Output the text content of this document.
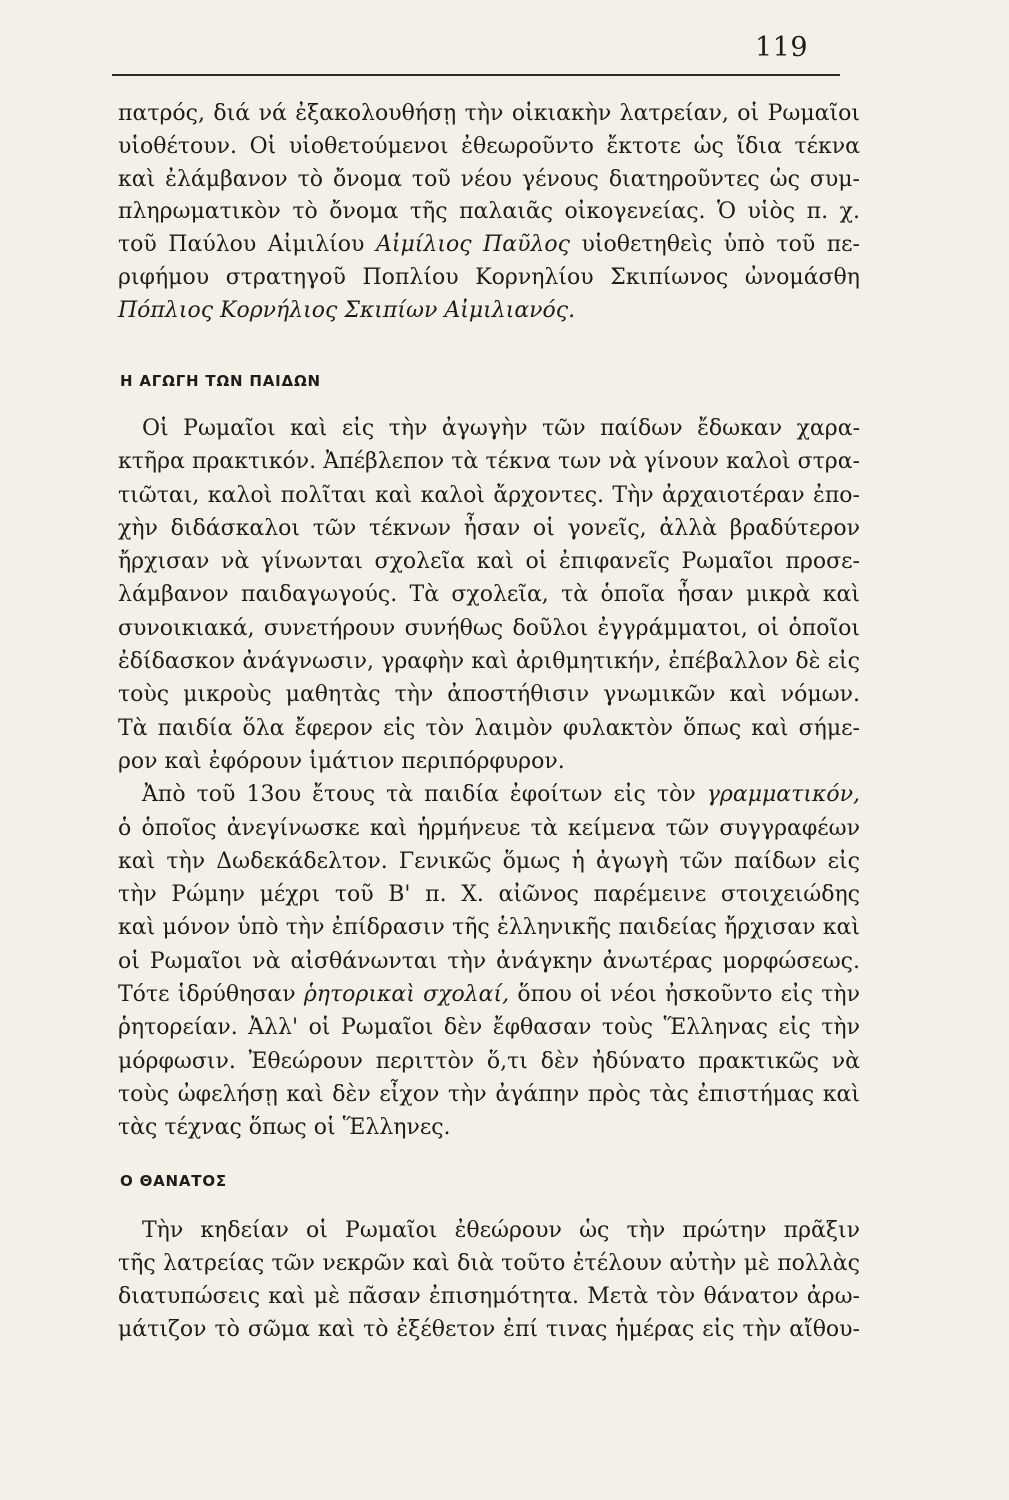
119
πατρός, διά νά ἐξακολουθήσῃ τὴν οἰκιακὴν λατρείαν, οἱ Ρωμαῖοι
υἱοθέτουν. Οἱ υἱοθετούμενοι ἐθεωροῦντο ἔκτοτε ὡς ἴδια τέκνα
καὶ ἐλάμβανον τὸ ὄνομα τοῦ νέου γένους διατηροῦντες ὡς συμ-
πληρωματικὸν τὸ ὄνομα τῆς παλαιᾶς οἰκογενείας. Ὁ υἱὸς π. χ.
τοῦ Παύλου Αἰμιλίου Αἰμίλιος Παῦλος υἱοθετηθεὶς ὑπὸ τοῦ πε-
ριφήμου στρατηγοῦ Ποπλίου Κορνηλίου Σκιπίωνος ὠνομάσθη
Πόπλιος Κορνήλιος Σκιπίων Αἰμιλιανός.
Η ΑΓΩΓΗ ΤΩΝ ΠΑΙΔΩΝ
Οἱ Ρωμαῖοι καὶ εἰς τὴν ἀγωγὴν τῶν παίδων ἔδωκαν χαρα-
κτῆρα πρακτικόν. Ἀπέβλεπον τὰ τέκνα των νὰ γίνουν καλοὶ στρα-
τιῶται, καλοὶ πολῖται καὶ καλοὶ ἄρχοντες. Τὴν ἀρχαιοτέραν ἐπο-
χὴν διδάσκαλοι τῶν τέκνων ἦσαν οἱ γονεῖς, ἀλλὰ βραδύτερον
ἤρχισαν νὰ γίνωνται σχολεῖα καὶ οἱ ἐπιφανεῖς Ρωμαῖοι προσε-
λάμβανον παιδαγωγούς. Τὰ σχολεῖα, τὰ ὁποῖα ἦσαν μικρὰ καὶ
συνοικιακά, συνετήρουν συνήθως δοῦλοι ἐγγράμματοι, οἱ ὁποῖοι
ἐδίδασκον ἀνάγνωσιν, γραφὴν καὶ ἀριθμητικήν, ἐπέβαλλον δὲ εἰς
τοὺς μικροὺς μαθητὰς τὴν ἀποστήθισιν γνωμικῶν καὶ νόμων.
Τὰ παιδία ὅλα ἔφερον εἰς τὸν λαιμὸν φυλακτὸν ὅπως καὶ σήμε-
ρον καὶ ἐφόρουν ἱμάτιον περιπόρφυρον.
Ἀπὸ τοῦ 13ου ἔτους τὰ παιδία ἐφοίτων εἰς τὸν γραμματικόν,
ὁ ὁποῖος ἀνεγίνωσκε καὶ ἡρμήνευε τὰ κείμενα τῶν συγγραφέων
καὶ τὴν Δωδεκάδελτον. Γενικῶς ὅμως ἡ ἀγωγὴ τῶν παίδων εἰς
τὴν Ρώμην μέχρι τοῦ Β' π. Χ. αἰῶνος παρέμεινε στοιχειώδης
καὶ μόνον ὑπὸ τὴν ἐπίδρασιν τῆς ἑλληνικῆς παιδείας ἤρχισαν καὶ
οἱ Ρωμαῖοι νὰ αἰσθάνωνται τὴν ἀνάγκην ἀνωτέρας μορφώσεως.
Τότε ἱδρύθησαν ῥητορικαὶ σχολαί, ὅπου οἱ νέοι ἠσκοῦντο εἰς τὴν
ῥητορείαν. Ἀλλ' οἱ Ρωμαῖοι δὲν ἔφθασαν τοὺς Ἕλληνας εἰς τὴν
μόρφωσιν. Ἐθεώρουν περιττὸν ὅ,τι δὲν ἠδύνατο πρακτικῶς νὰ
τοὺς ὠφελήσῃ καὶ δὲν εἶχον τὴν ἀγάπην πρὸς τὰς ἐπιστήμας καὶ
τὰς τέχνας ὅπως οἱ Ἕλληνες.
Ο ΘΑΝΑΤΟΣ
Τὴν κηδείαν οἱ Ρωμαῖοι ἐθεώρουν ὡς τὴν πρώτην πρᾶξιν
τῆς λατρείας τῶν νεκρῶν καὶ διὰ τοῦτο ἐτέλουν αὐτὴν μὲ πολλὰς
διατυπώσεις καὶ μὲ πᾶσαν ἐπισημότητα. Μετὰ τὸν θάνατον ἀρω-
μάτιζον τὸ σῶμα καὶ τὸ ἐξέθετον ἐπί τινας ἡμέρας εἰς τὴν αἴθου-
